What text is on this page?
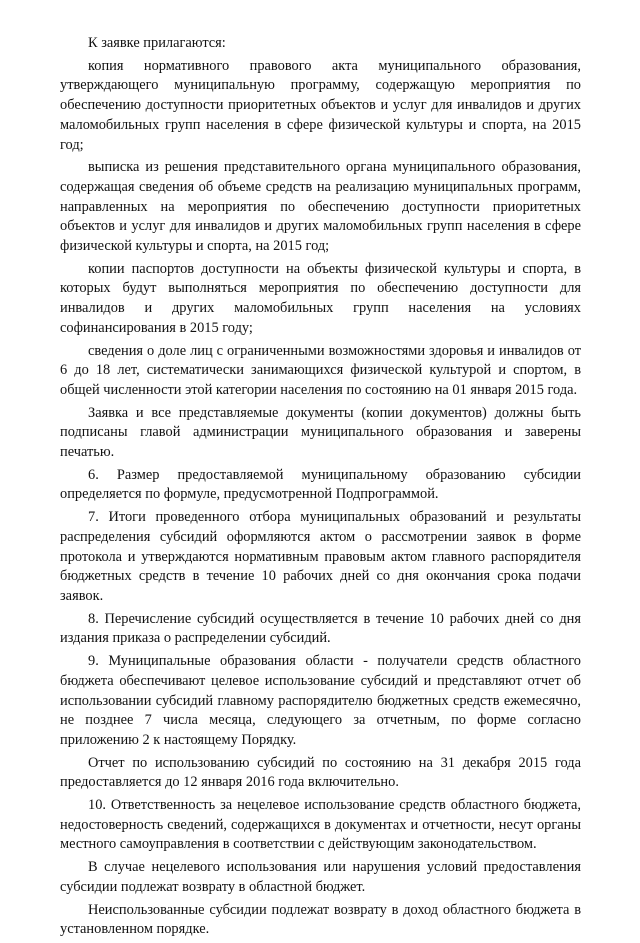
К заявке прилагаются:

копия нормативного правового акта муниципального образования, утверждающего муниципальную программу, содержащую мероприятия по обеспечению доступности приоритетных объектов и услуг для инвалидов и других маломобильных групп населения в сфере физической культуры и спорта, на 2015 год;

выписка из решения представительного органа муниципального образования, содержащая сведения об объеме средств на реализацию муниципальных программ, направленных на мероприятия по обеспечению доступности приоритетных объектов и услуг для инвалидов и других маломобильных групп населения в сфере физической культуры и спорта, на 2015 год;

копии паспортов доступности на объекты физической культуры и спорта, в которых будут выполняться мероприятия по обеспечению доступности для инвалидов и других маломобильных групп населения на условиях софинансирования в 2015 году;

сведения о доле лиц с ограниченными возможностями здоровья и инвалидов от 6 до 18 лет, систематически занимающихся физической культурой и спортом, в общей численности этой категории населения по состоянию на 01 января 2015 года.

Заявка и все представляемые документы (копии документов) должны быть подписаны главой администрации муниципального образования и заверены печатью.

6. Размер предоставляемой муниципальному образованию субсидии определяется по формуле, предусмотренной Подпрограммой.

7. Итоги проведенного отбора муниципальных образований и результаты распределения субсидий оформляются актом о рассмотрении заявок в форме протокола и утверждаются нормативным правовым актом главного распорядителя бюджетных средств в течение 10 рабочих дней со дня окончания срока подачи заявок.

8. Перечисление субсидий осуществляется в течение 10 рабочих дней со дня издания приказа о распределении субсидий.

9. Муниципальные образования области - получатели средств областного бюджета обеспечивают целевое использование субсидий и представляют отчет об использовании субсидий главному распорядителю бюджетных средств ежемесячно, не позднее 7 числа месяца, следующего за отчетным, по форме согласно приложению 2 к настоящему Порядку.

Отчет по использованию субсидий по состоянию на 31 декабря 2015 года предоставляется до 12 января 2016 года включительно.

10. Ответственность за нецелевое использование средств областного бюджета, недостоверность сведений, содержащихся в документах и отчетности, несут органы местного самоуправления в соответствии с действующим законодательством.

В случае нецелевого использования или нарушения условий предоставления субсидии подлежат возврату в областной бюджет.

Неиспользованные субсидии подлежат возврату в доход областного бюджета в установленном порядке.
